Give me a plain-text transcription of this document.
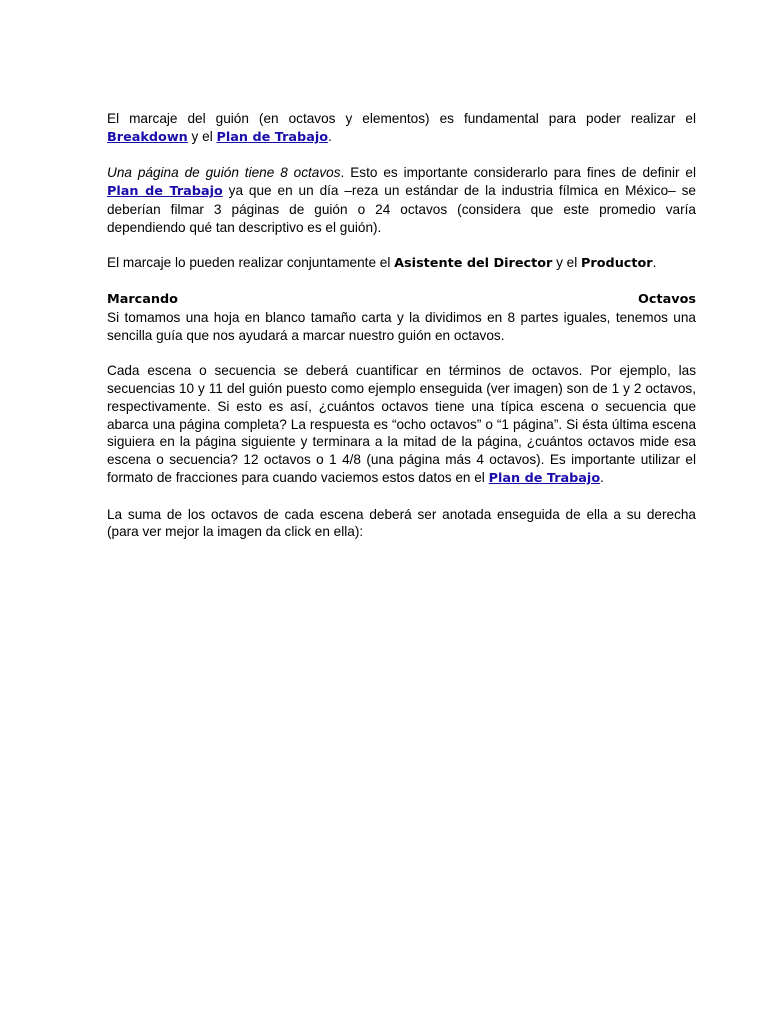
El marcaje del guión (en octavos y elementos) es fundamental para poder realizar el Breakdown y el Plan de Trabajo.

Una página de guión tiene 8 octavos. Esto es importante considerarlo para fines de definir el Plan de Trabajo ya que en un día –reza un estándar de la industria fílmica en México– se deberían filmar 3 páginas de guión o 24 octavos (considera que este promedio varía dependiendo qué tan descriptivo es el guión).

El marcaje lo pueden realizar conjuntamente el Asistente del Director y el Productor.

Marcando	Octavos

Si tomamos una hoja en blanco tamaño carta y la dividimos en 8 partes iguales, tenemos una sencilla guía que nos ayudará a marcar nuestro guión en octavos.

Cada escena o secuencia se deberá cuantificar en términos de octavos. Por ejemplo, las secuencias 10 y 11 del guión puesto como ejemplo enseguida (ver imagen) son de 1 y 2 octavos, respectivamente. Si esto es así, ¿cuántos octavos tiene una típica escena o secuencia que abarca una página completa? La respuesta es “ocho octavos” o “1 página”. Si ésta última escena siguiera en la página siguiente y terminara a la mitad de la página, ¿cuántos octavos mide esa escena o secuencia? 12 octavos o 1 4/8 (una página más 4 octavos). Es importante utilizar el formato de fracciones para cuando vaciemos estos datos en el Plan de Trabajo.

La suma de los octavos de cada escena deberá ser anotada enseguida de ella a su derecha (para ver mejor la imagen da click en ella):
